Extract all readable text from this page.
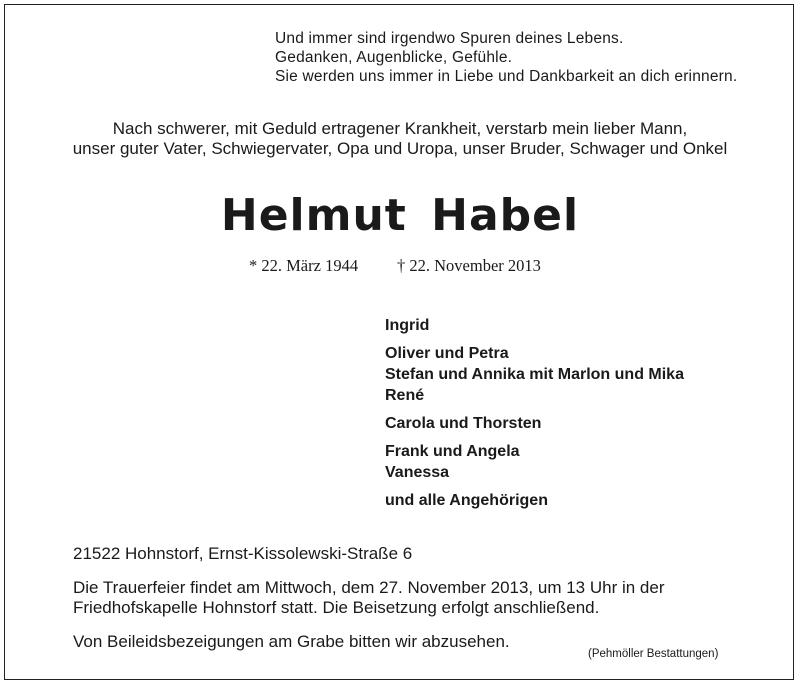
Und immer sind irgendwo Spuren deines Lebens.
Gedanken, Augenblicke, Gefühle.
Sie werden uns immer in Liebe und Dankbarkeit an dich erinnern.
Nach schwerer, mit Geduld ertragener Krankheit, verstarb mein lieber Mann,
unser guter Vater, Schwiegervater, Opa und Uropa, unser Bruder, Schwager und Onkel
Helmut Habel
* 22. März 1944 † 22. November 2013
Ingrid
Oliver und Petra
Stefan und Annika mit Marlon und Mika
René
Carola und Thorsten
Frank und Angela
Vanessa
und alle Angehörigen
21522 Hohnstorf, Ernst-Kissolewski-Straße 6
Die Trauerfeier findet am Mittwoch, dem 27. November 2013, um 13 Uhr in der
Friedhofskapelle Hohnstorf statt. Die Beisetzung erfolgt anschließend.
Von Beileidsbezeigungen am Grabe bitten wir abzusehen.
(Pehmöller Bestattungen)
